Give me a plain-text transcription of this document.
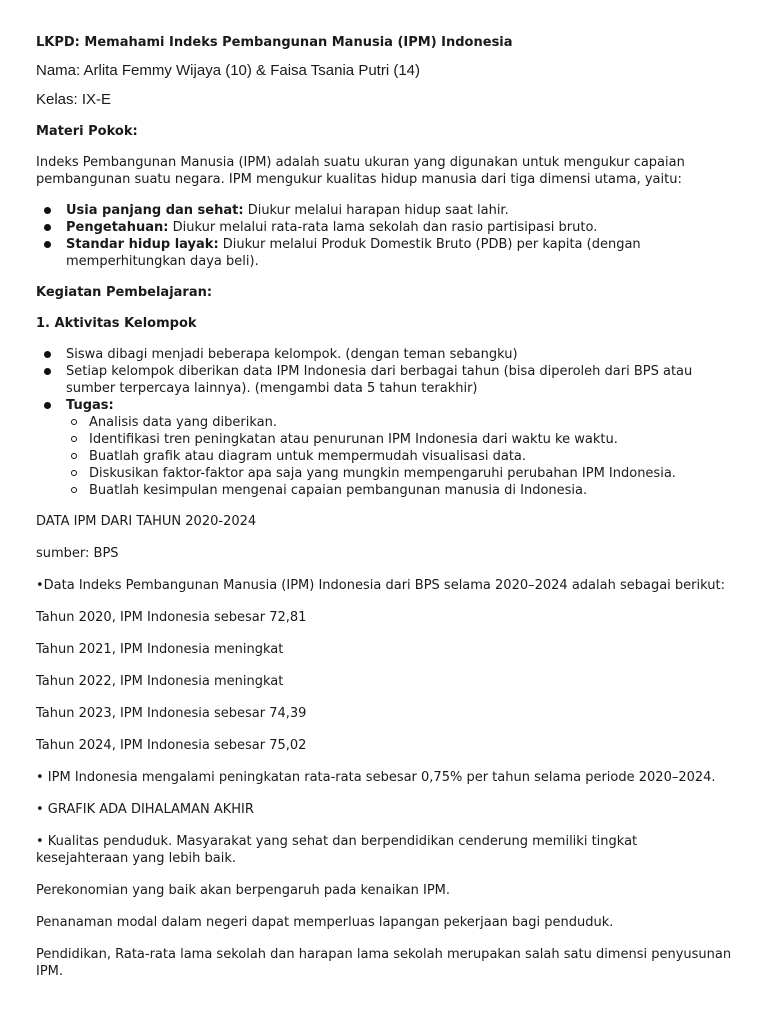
LKPD: Memahami Indeks Pembangunan Manusia (IPM) Indonesia
Nama: Arlita Femmy Wijaya (10) & Faisa Tsania Putri (14)
Kelas: IX-E
Materi Pokok:

Indeks Pembangunan Manusia (IPM) adalah suatu ukuran yang digunakan untuk mengukur capaian pembangunan suatu negara. IPM mengukur kualitas hidup manusia dari tiga dimensi utama, yaitu:

Usia panjang dan sehat: Diukur melalui harapan hidup saat lahir.
Pengetahuan: Diukur melalui rata-rata lama sekolah dan rasio partisipasi bruto.
Standar hidup layak: Diukur melalui Produk Domestik Bruto (PDB) per kapita (dengan memperhitungkan daya beli).
Kegiatan Pembelajaran:
1. Aktivitas Kelompok
Siswa dibagi menjadi beberapa kelompok. (dengan teman sebangku)
Setiap kelompok diberikan data IPM Indonesia dari berbagai tahun (bisa diperoleh dari BPS atau sumber terpercaya lainnya). (mengambi data 5 tahun terakhir)
Tugas:
Analisis data yang diberikan.
Identifikasi tren peningkatan atau penurunan IPM Indonesia dari waktu ke waktu.
Buatlah grafik atau diagram untuk mempermudah visualisasi data.
Diskusikan faktor-faktor apa saja yang mungkin mempengaruhi perubahan IPM Indonesia.
Buatlah kesimpulan mengenai capaian pembangunan manusia di Indonesia.
DATA IPM DARI TAHUN 2020-2024
sumber: BPS
•Data Indeks Pembangunan Manusia (IPM) Indonesia dari BPS selama 2020–2024 adalah sebagai berikut:
Tahun 2020, IPM Indonesia sebesar 72,81
Tahun 2021, IPM Indonesia meningkat
Tahun 2022, IPM Indonesia meningkat
Tahun 2023, IPM Indonesia sebesar 74,39
Tahun 2024, IPM Indonesia sebesar 75,02
• IPM Indonesia mengalami peningkatan rata-rata sebesar 0,75% per tahun selama periode 2020–2024.
• GRAFIK ADA DIHALAMAN AKHIR
• Kualitas penduduk. Masyarakat yang sehat dan berpendidikan cenderung memiliki tingkat kesejahteraan yang lebih baik.
Perekonomian yang baik akan berpengaruh pada kenaikan IPM.
Penanaman modal dalam negeri dapat memperluas lapangan pekerjaan bagi penduduk.
Pendidikan, Rata-rata lama sekolah dan harapan lama sekolah merupakan salah satu dimensi penyusunan IPM.
